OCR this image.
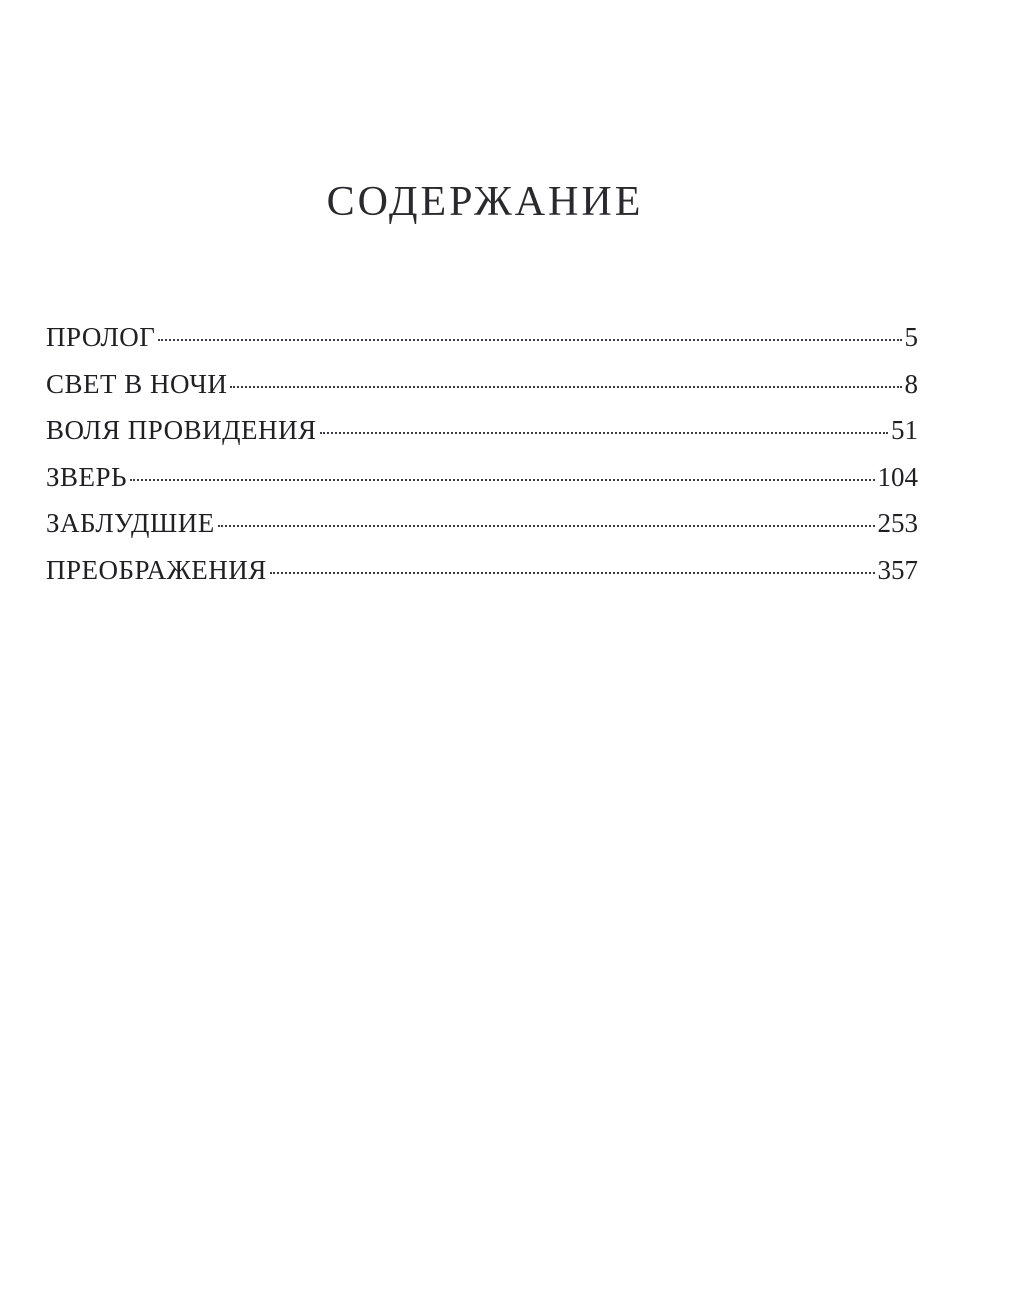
СОДЕРЖАНИЕ
ПРОЛОГ	5
СВЕТ В НОЧИ	8
ВОЛЯ ПРОВИДЕНИЯ	51
ЗВЕРЬ	104
ЗАБЛУДШИЕ	253
ПРЕОБРАЖЕНИЯ	357
